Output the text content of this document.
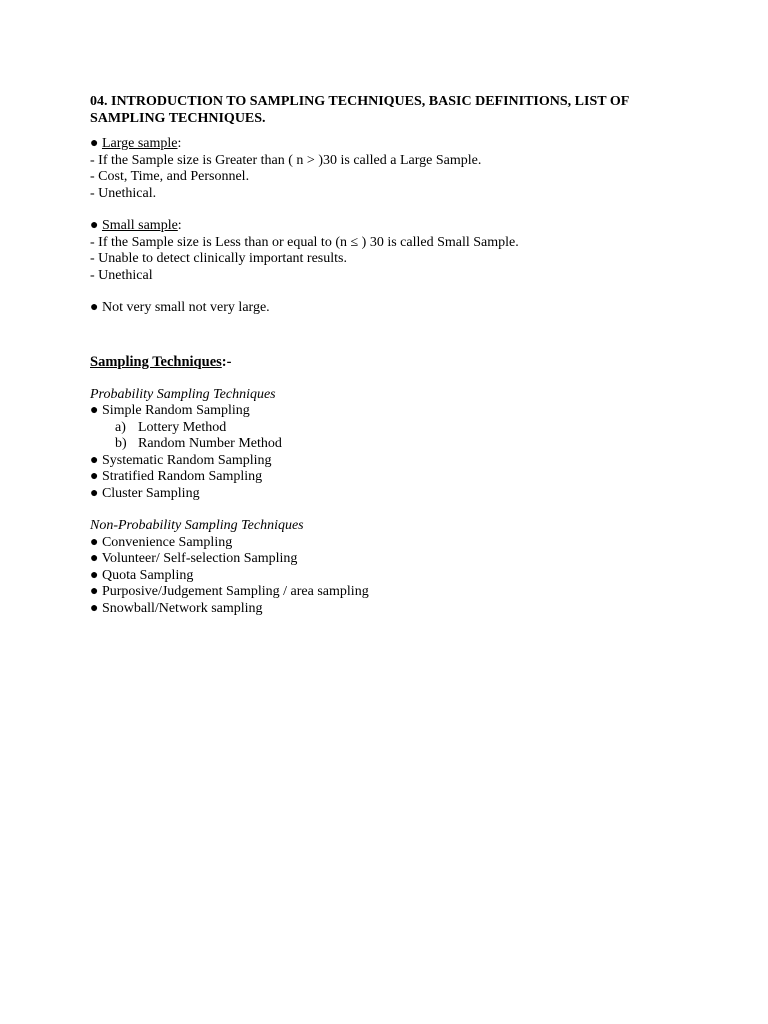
04. INTRODUCTION TO SAMPLING TECHNIQUES, BASIC DEFINITIONS, LIST OF
SAMPLING TECHNIQUES.
● Large sample:
- If the Sample size is Greater than ( n > )30 is called a Large Sample.
- Cost, Time, and Personnel.
- Unethical.
● Small sample:
- If the Sample size is Less than or equal to (n ≤ ) 30 is called Small Sample.
- Unable to detect clinically important results.
- Unethical
● Not very small not very large.
Sampling Techniques:-
Probability Sampling Techniques
● Simple Random Sampling
a) Lottery Method
b) Random Number Method
● Systematic Random Sampling
● Stratified Random Sampling
● Cluster Sampling
Non-Probability Sampling Techniques
● Convenience Sampling
● Volunteer/ Self-selection Sampling
● Quota Sampling
● Purposive/Judgement Sampling / area sampling
● Snowball/Network sampling
